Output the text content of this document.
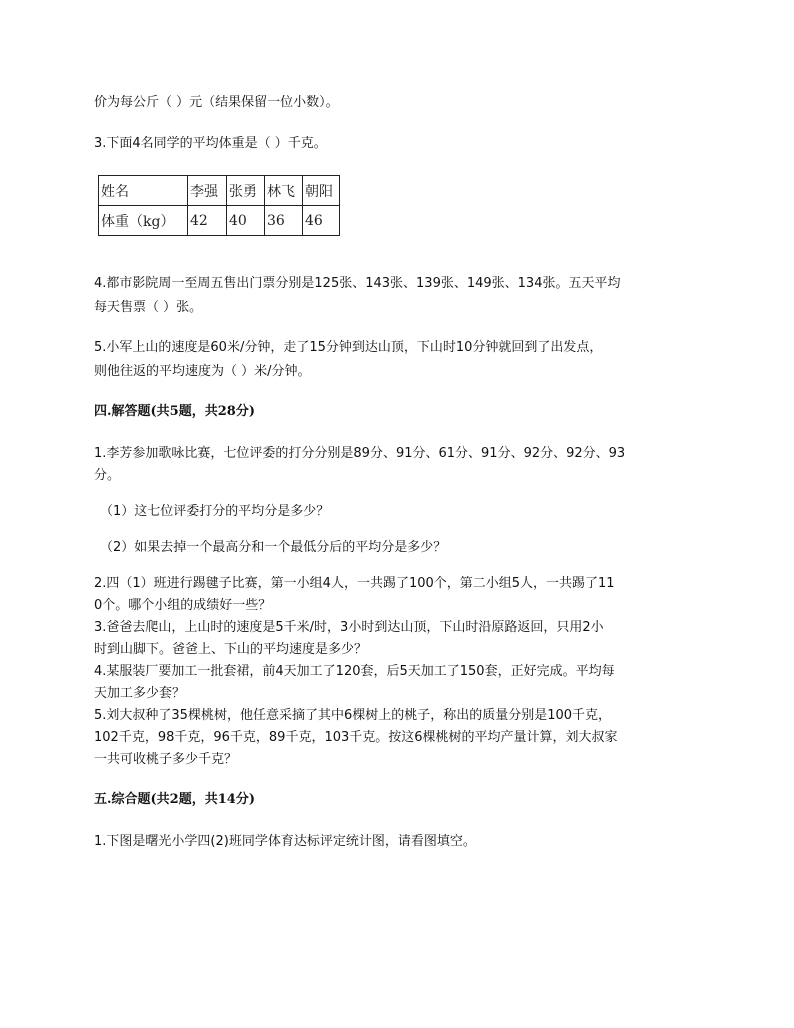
价为每公斤（ ）元（结果保留一位小数）。
3.下面4名同学的平均体重是（ ）千克。
姓名	李强	张勇	林飞	朝阳
体重（kg）	42	40	36	46
4.都市影院周一至周五售出门票分别是125张、143张、139张、149张、134张。五天平均
每天售票（ ）张。
5.小军上山的速度是60米/分钟，走了15分钟到达山顶，下山时10分钟就回到了出发点，
则他往返的平均速度为（ ）米/分钟。
四.解答题(共5题，共28分)
1.李芳参加歌咏比赛，七位评委的打分分别是89分、91分、61分、91分、92分、92分、93
分。
（1）这七位评委打分的平均分是多少？
（2）如果去掉一个最高分和一个最低分后的平均分是多少？
2.四（1）班进行踢毽子比赛，第一小组4人，一共踢了100个，第二小组5人，一共踢了11
0个。哪个小组的成绩好一些？
3.爸爸去爬山，上山时的速度是5千米/时，3小时到达山顶，下山时沿原路返回，只用2小
时到山脚下。爸爸上、下山的平均速度是多少？
4.某服装厂要加工一批套裙，前4天加工了120套，后5天加工了150套，正好完成。平均每
天加工多少套？
5.刘大叔种了35棵桃树，他任意采摘了其中6棵树上的桃子，称出的质量分别是100千克，
102千克，98千克，96千克，89千克，103千克。按这6棵桃树的平均产量计算，刘大叔家
一共可收桃子多少千克？
五.综合题(共2题，共14分)
1.下图是曙光小学四(2)班同学体育达标评定统计图，请看图填空。
